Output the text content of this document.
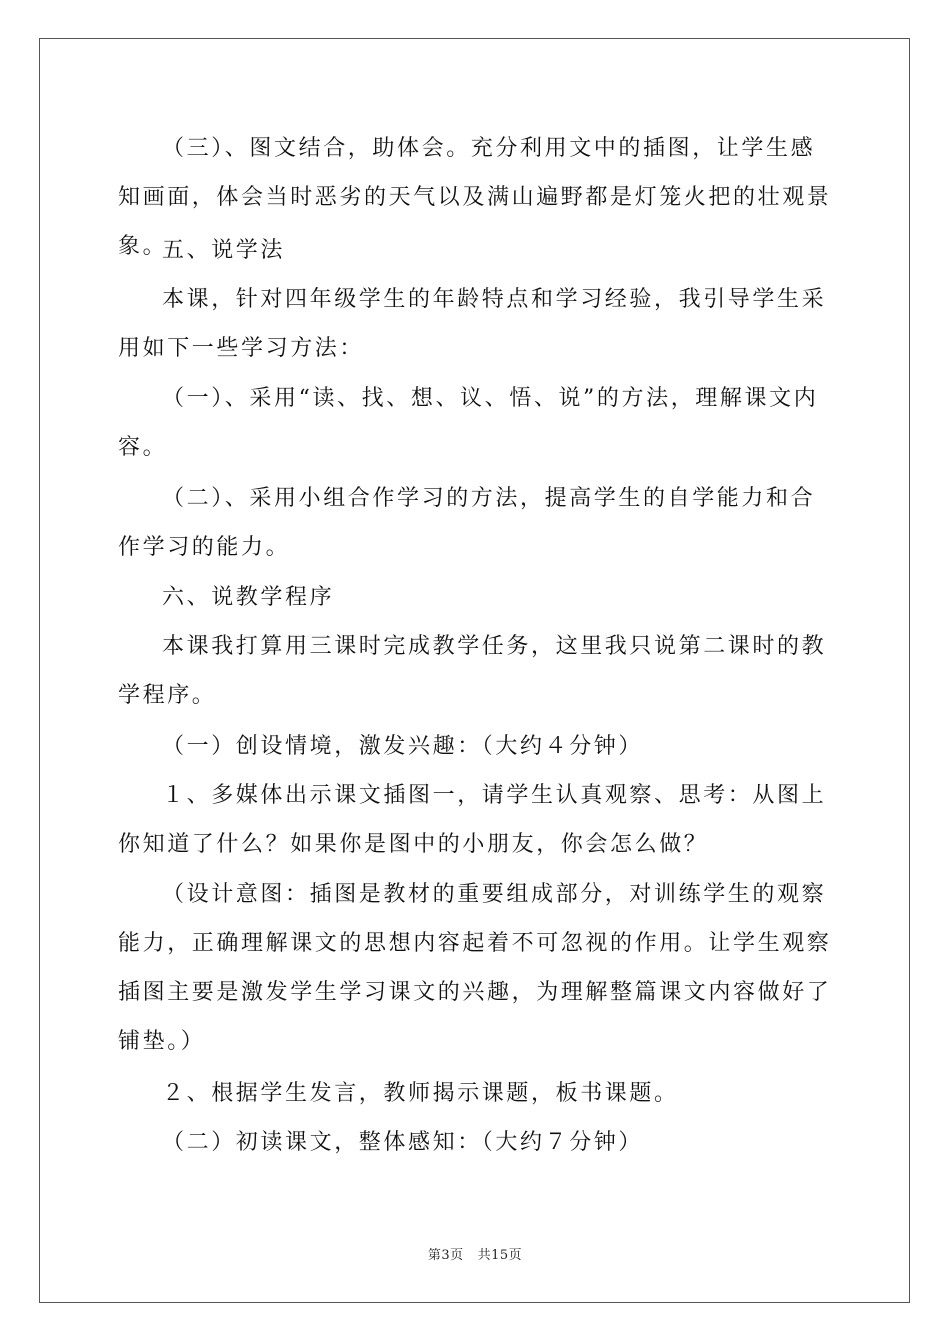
（三）、图文结合，助体会。充分利用文中的插图，让学生感知画面，体会当时恶劣的天气以及满山遍野都是灯笼火把的壮观景象。

五、说学法

本课，针对四年级学生的年龄特点和学习经验，我引导学生采用如下一些学习方法：

（一）、采用“读、找、想、议、悟、说”的方法，理解课文内容。

（二）、采用小组合作学习的方法，提高学生的自学能力和合作学习的能力。

六、说教学程序

本课我打算用三课时完成教学任务，这里我只说第二课时的教学程序。

（一）创设情境，激发兴趣：（大约４分钟）

１、多媒体出示课文插图一，请学生认真观察、思考：从图上你知道了什么？如果你是图中的小朋友，你会怎么做？

（设计意图：插图是教材的重要组成部分，对训练学生的观察能力，正确理解课文的思想内容起着不可忽视的作用。让学生观察插图主要是激发学生学习课文的兴趣，为理解整篇课文内容做好了铺垫。）

２、根据学生发言，教师揭示课题，板书课题。

（二）初读课文，整体感知：（大约７分钟）

第3页 共15页
